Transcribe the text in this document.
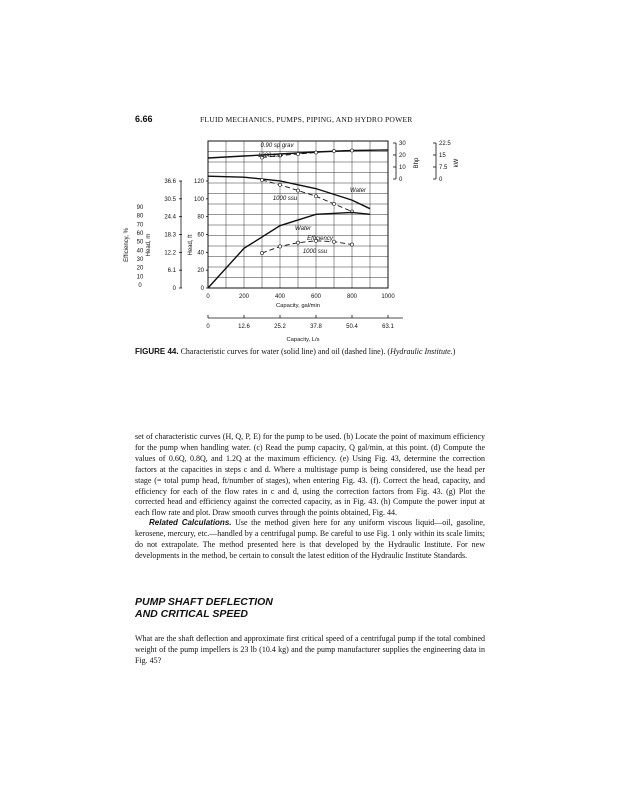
6.66	FLUID MECHANICS, PUMPS, PIPING, AND HYDRO POWER
0	200	400	600	800	1000
Capacity, gal/min
0	12.6	25.2	37.8	50.4	63.1
Capacity, L/s
0
20
40
60
80
100
120
0
6.1
12.2
18.3
24.4
30.5
36.6
0
10
20
30
40
50
60
70
80
90
Efficiency, %	Head, m	Head, ft
0
10
20
30
Bhp
0
7.5
15
22.5
kW
0.90 sp grav
1000 ssu
1000 ssu
Water
Water
Efficiency
1000 ssu
FIGURE 44. Characteristic curves for water (solid line) and oil (dashed line). (Hydraulic Institute.)

set of characteristic curves (H, Q, P, E) for the pump to be used. (b) Locate the point of maximum efficiency for the pump when handling water. (c) Read the pump capacity, Q gal/min, at this point. (d) Compute the values of 0.6Q, 0.8Q, and 1.2Q at the maximum efficiency. (e) Using Fig. 43, determine the correction factors at the capacities in steps c and d. Where a multistage pump is being considered, use the head per stage (= total pump head, ft/number of stages), when entering Fig. 43. (f). Correct the head, capacity, and efficiency for each of the flow rates in c and d, using the correction factors from Fig. 43. (g) Plot the corrected head and efficiency against the corrected capacity, as in Fig. 43. (h) Compute the power input at each flow rate and plot. Draw smooth curves through the points obtained, Fig. 44.

Related Calculations. Use the method given here for any uniform viscous liquid—oil, gasoline, kerosene, mercury, etc.—handled by a centrifugal pump. Be careful to use Fig. 1 only within its scale limits; do not extrapolate. The method presented here is that developed by the Hydraulic Institute. For new developments in the method, be certain to consult the latest edition of the Hydraulic Institute Standards.

PUMP SHAFT DEFLECTION
AND CRITICAL SPEED

What are the shaft deflection and approximate first critical speed of a centrifugal pump if the total combined weight of the pump impellers is 23 lb (10.4 kg) and the pump manufacturer supplies the engineering data in Fig. 45?
